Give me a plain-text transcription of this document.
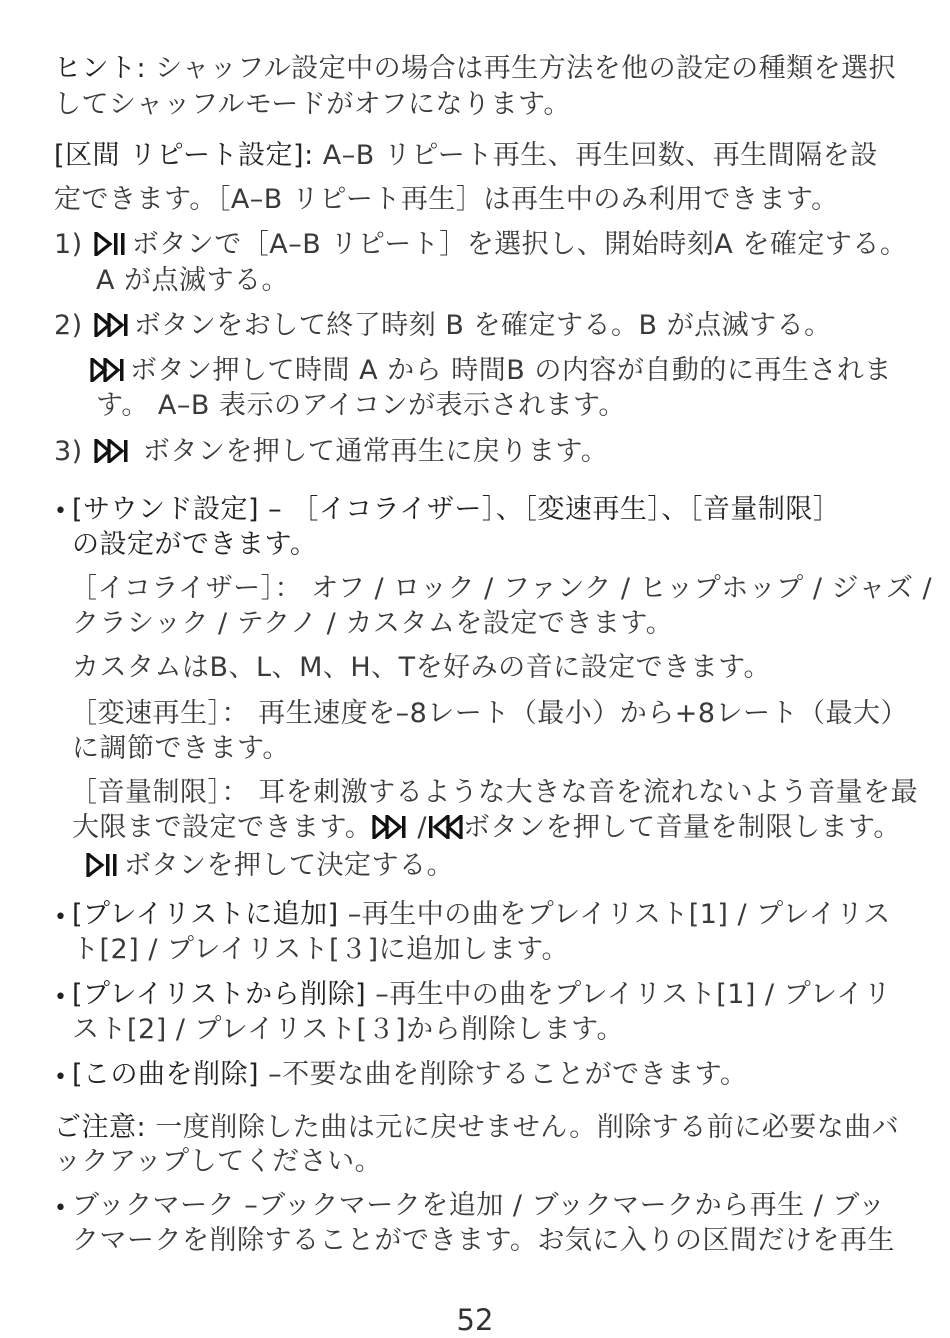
ヒント: シャッフル設定中の場合は再生方法を他の設定の種類を選択
してシャッフルモードがオフになります。
[区間 リピート設定]: A–B リピート再生、再生回数、再生間隔を設
定できます。［A–B リピート再生］は再生中のみ利用できます。
1) ボタンで［A–B リピート］を選択し、開始時刻A を確定する。
A が点滅する。
2) ボタンをおして終了時刻 B を確定する。B が点滅する。
ボタン押して時間 A から 時間B の内容が自動的に再生されま
す。 A–B 表示のアイコンが表示されます。
3)  ボタンを押して通常再生に戻ります。
• [サウンド設定] – ［イコライザー］、［変速再生］、［音量制限］
の設定ができます。
［イコライザー］： オフ / ロック / ファンク / ヒップホップ / ジャズ /
クラシック / テクノ / カスタムを設定できます。
カスタムはB、L、M、H、Tを好みの音に設定できます。
［変速再生］： 再生速度を–8レート（最小）から+8レート（最大）
に調節できます。
［音量制限］： 耳を刺激するような大きな音を流れないよう音量を最
大限まで設定できます。 / ボタンを押して音量を制限します。
ボタンを押して決定する。
• [プレイリストに追加] –再生中の曲をプレイリスト[1] / プレイリス
ト[2] / プレイリスト[３]に追加します。
• [プレイリストから削除] –再生中の曲をプレイリスト[1] / プレイリ
スト[2] / プレイリスト[３]から削除します。
• [この曲を削除] –不要な曲を削除することができます。
ご注意: 一度削除した曲は元に戻せません。削除する前に必要な曲バ
ックアップしてください。
• ブックマーク –ブックマークを追加 / ブックマークから再生 / ブッ
クマークを削除することができます。お気に入りの区間だけを再生
52
